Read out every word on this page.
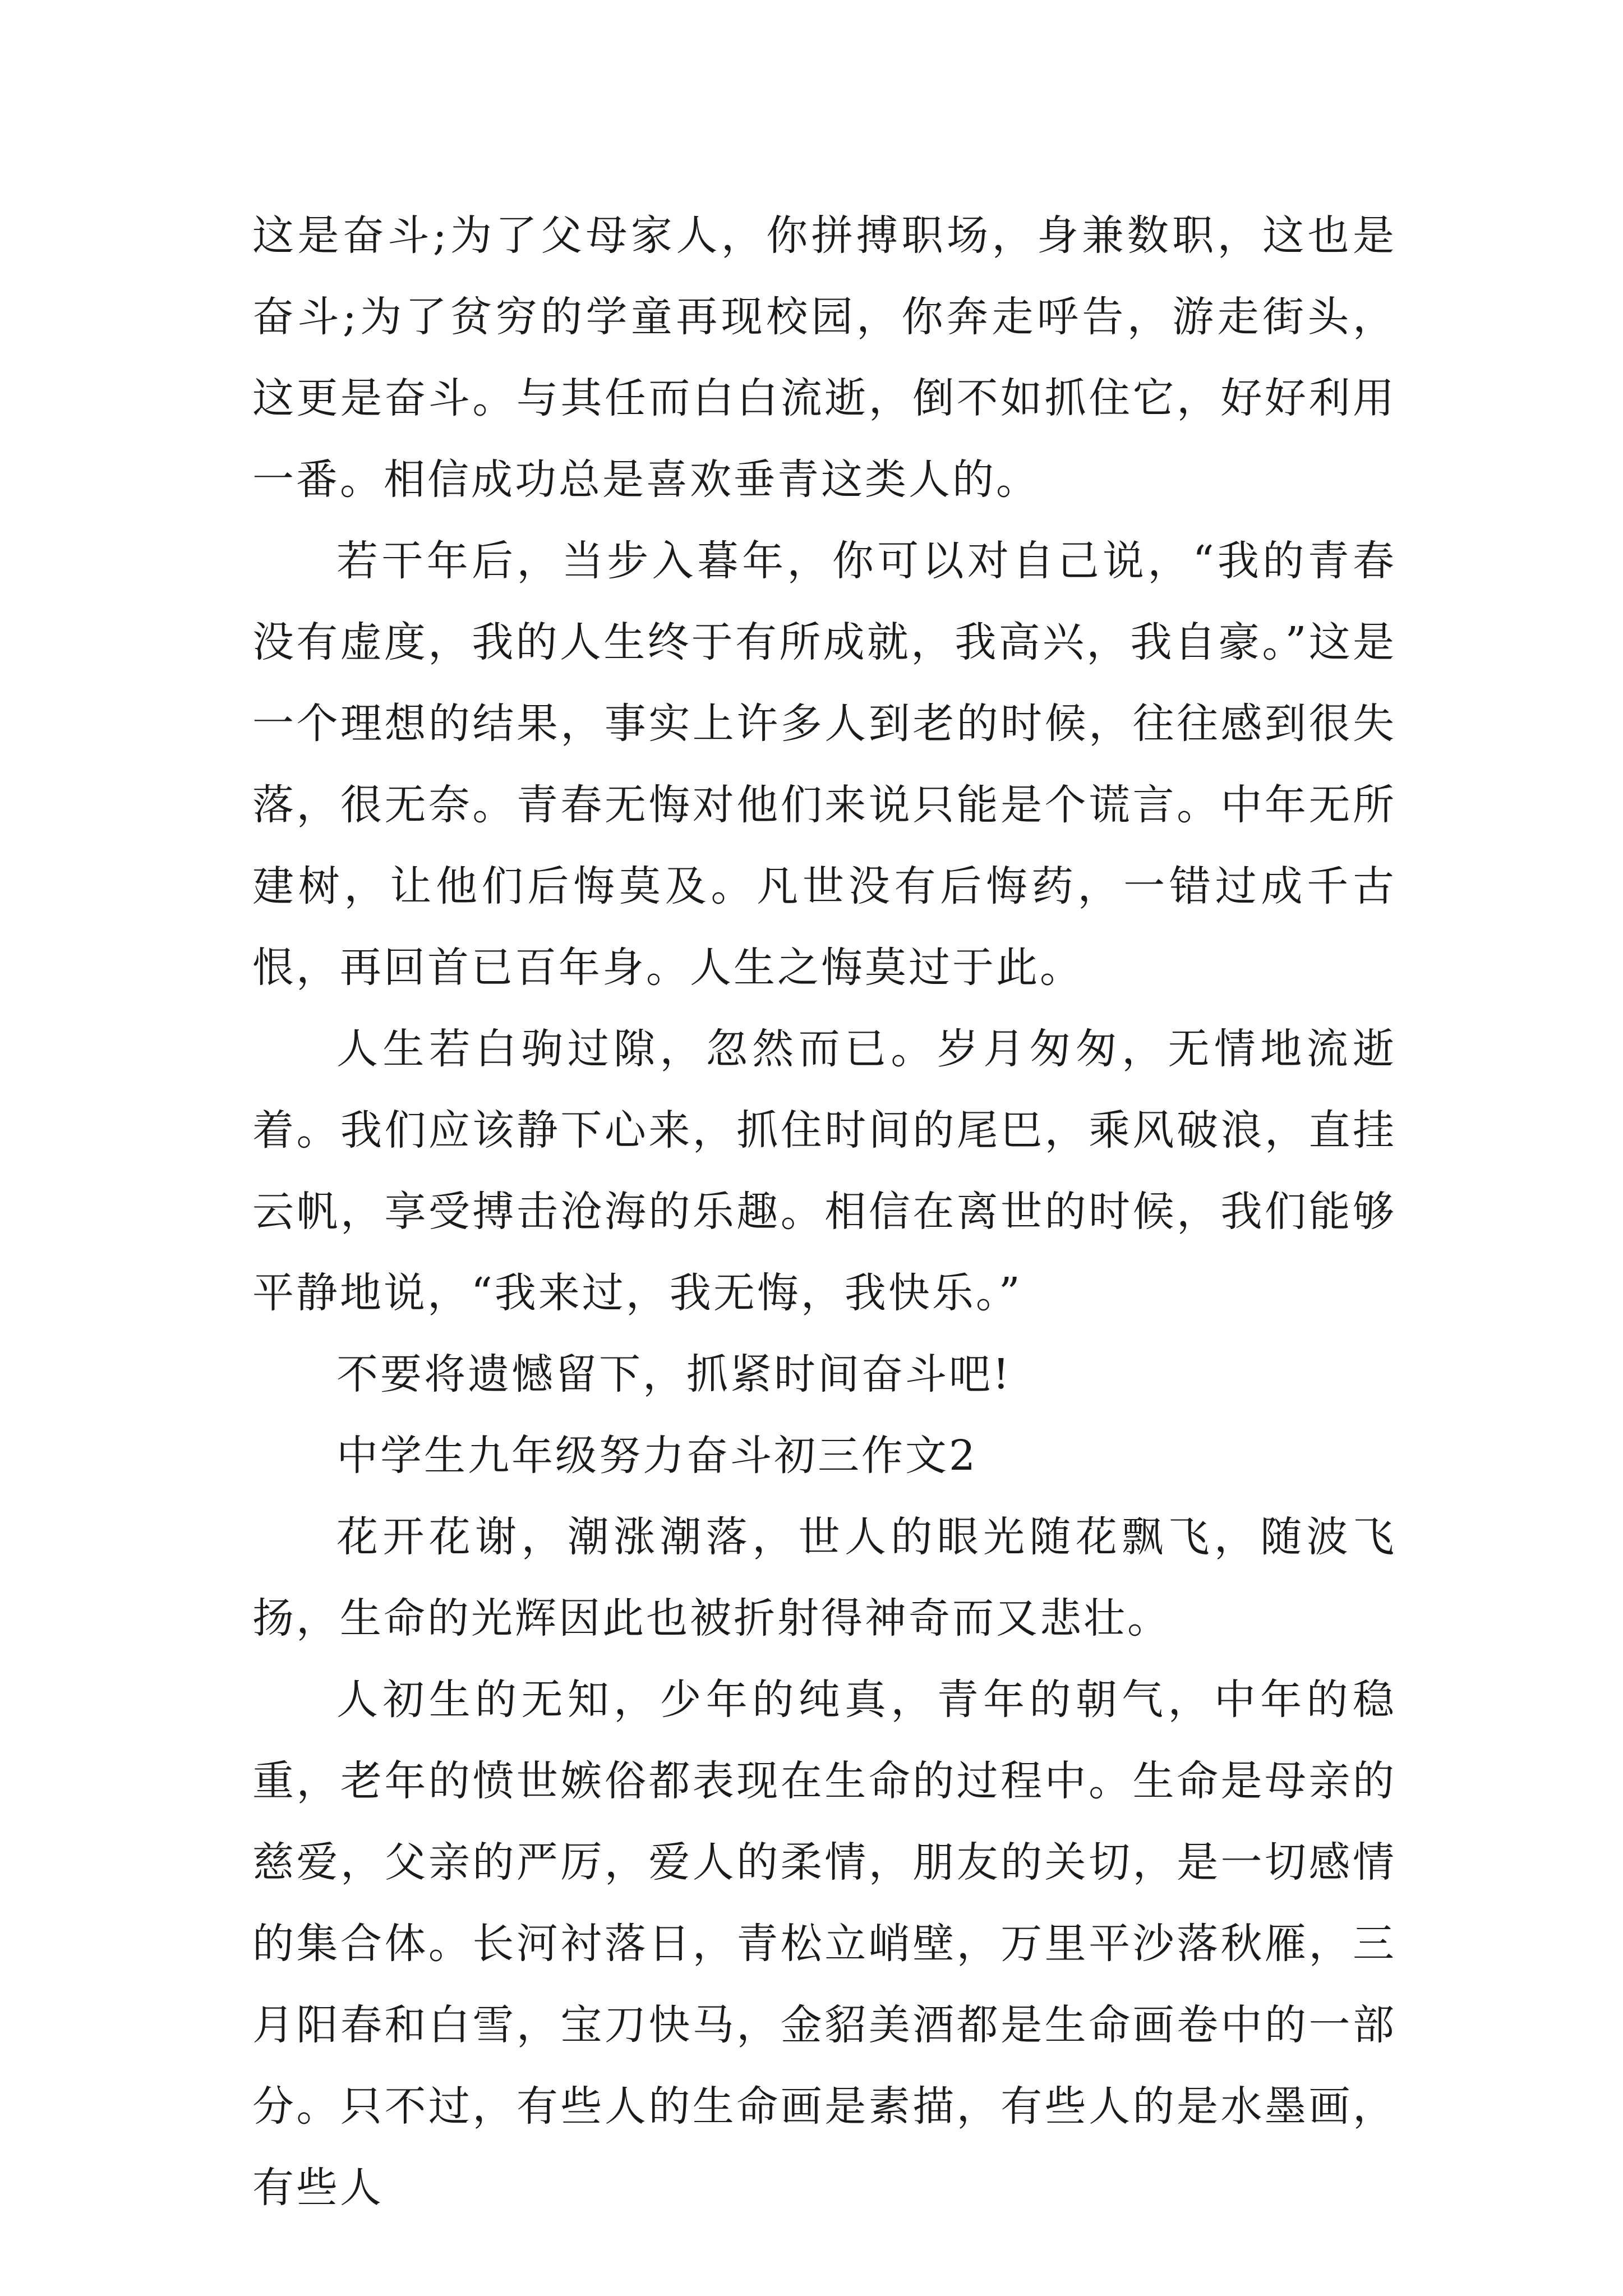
这是奋斗;为了父母家人，你拼搏职场，身兼数职，这也是奋斗;为了贫穷的学童再现校园，你奔走呼告，游走街头，这更是奋斗。与其任而白白流逝，倒不如抓住它，好好利用一番。相信成功总是喜欢垂青这类人的。

若干年后，当步入暮年，你可以对自己说，“我的青春没有虚度，我的人生终于有所成就，我高兴，我自豪。”这是一个理想的结果，事实上许多人到老的时候，往往感到很失落，很无奈。青春无悔对他们来说只能是个谎言。中年无所建树，让他们后悔莫及。凡世没有后悔药，一错过成千古恨，再回首已百年身。人生之悔莫过于此。

人生若白驹过隙，忽然而已。岁月匆匆，无情地流逝着。我们应该静下心来，抓住时间的尾巴，乘风破浪，直挂云帆，享受搏击沧海的乐趣。相信在离世的时候，我们能够平静地说，“我来过，我无悔，我快乐。”

不要将遗憾留下，抓紧时间奋斗吧!

中学生九年级努力奋斗初三作文2

花开花谢，潮涨潮落，世人的眼光随花飘飞，随波飞扬，生命的光辉因此也被折射得神奇而又悲壮。

人初生的无知，少年的纯真，青年的朝气，中年的稳重，老年的愤世嫉俗都表现在生命的过程中。生命是母亲的慈爱，父亲的严厉，爱人的柔情，朋友的关切，是一切感情的集合体。长河衬落日，青松立峭壁，万里平沙落秋雁，三月阳春和白雪，宝刀快马，金貂美酒都是生命画卷中的一部分。只不过，有些人的生命画是素描，有些人的是水墨画，有些人
